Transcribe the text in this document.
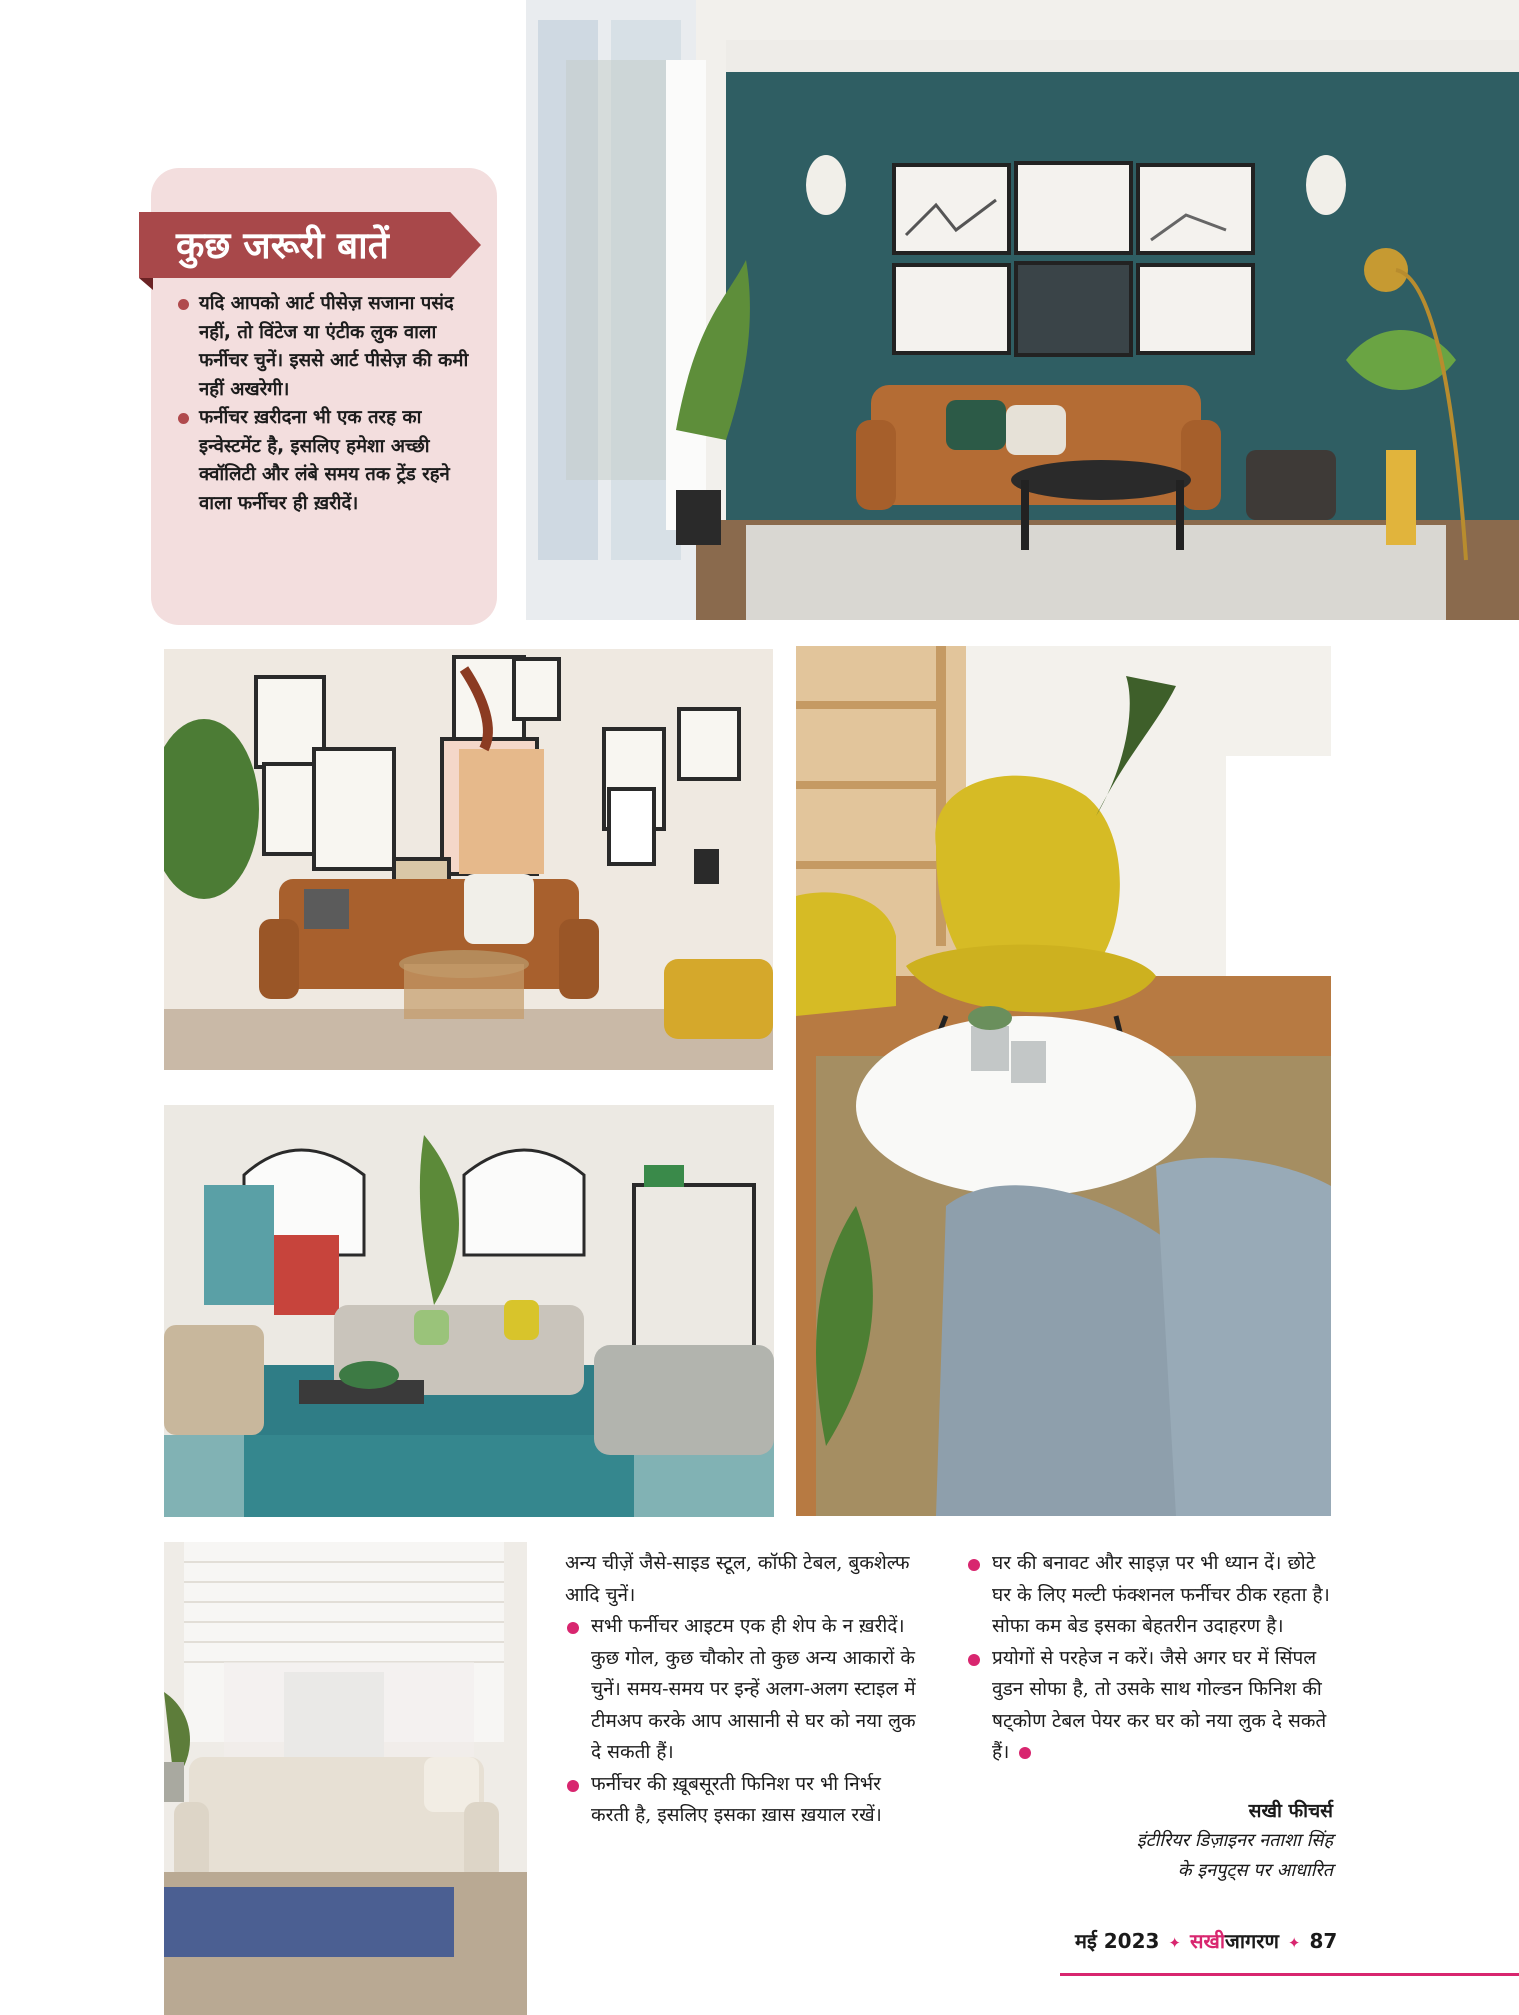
कुछ जरूरी बातें
यदि आपको आर्ट पीसेज़ सजाना पसंद नहीं, तो विंटेज या एंटीक लुक वाला फर्नीचर चुनें। इससे आर्ट पीसेज़ की कमी नहीं अखरेगी।
फर्नीचर ख़रीदना भी एक तरह का इन्वेस्टमेंट है, इसलिए हमेशा अच्छी क्वॉलिटी और लंबे समय तक ट्रेंड रहने वाला फर्नीचर ही ख़रीदें।

अन्य चीज़ें जैसे-साइड स्टूल, कॉफी टेबल, बुकशेल्फ आदि चुनें।

सभी फर्नीचर आइटम एक ही शेप के न ख़रीदें। कुछ गोल, कुछ चौकोर तो कुछ अन्य आकारों के चुनें। समय-समय पर इन्हें अलग-अलग स्टाइल में टीमअप करके आप आसानी से घर को नया लुक दे सकती हैं।
फर्नीचर की ख़ूबसूरती फिनिश पर भी निर्भर करती है, इसलिए इसका ख़ास ख़याल रखें।
घर की बनावट और साइज़ पर भी ध्यान दें। छोटे घर के लिए मल्टी फंक्शनल फर्नीचर ठीक रहता है। सोफा कम बेड इसका बेहतरीन उदाहरण है।
प्रयोगों से परहेज न करें। जैसे अगर घर में सिंपल वुडन सोफा है, तो उसके साथ गोल्डन फिनिश की षट्कोण टेबल पेयर कर घर को नया लुक दे सकते हैं।
सखी फीचर्स
इंटीरियर डिज़ाइनर नताशा सिंह
के इनपुट्स पर आधारित
मई 2023 ✦ सखीजागरण ✦ 87
